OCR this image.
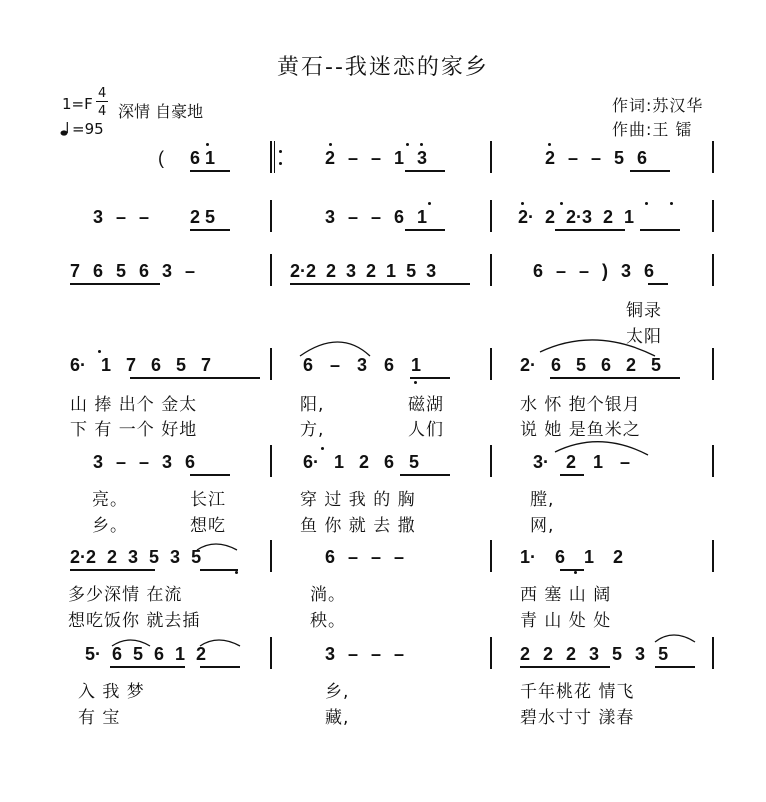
黄石--我迷恋的家乡
1=F
4
4 深情 自豪地
=95
作词:苏汉华
作曲:王 镭
( 6 1	2 – – 1 3	2 – – 5 6
3 – – 2 5	3 – – 6 1	2· 2 2·3 2 1
7 6 5 6 3 –	2·2 2 3 2 1 5 3	6 – – ) 3 6
铜录
太阳
6· 1 7 6 5 7	6 – 3 6 1	2· 6 5 6 2 5
山 捧 出个 金太	阳,	磁湖	水 怀 抱个银月
下 有 一个 好地	方,	人们	说 她 是鱼米之
3 – – 3 6	6· 1 2 6 5	3· 2 1 –
亮。	长江	穿 过 我 的 胸	膛,
乡。	想吃	鱼 你 就 去 撒	网,
2·2 2 3 5 3 5	6 – – –	1· 6 1 2
多少深情 在流	淌。	西 塞 山 阔
想吃饭你 就去插	秧。	青 山 处 处
5· 6 5 6 1 2	3 – – –	2 2 2 3 5 3 5
入 我 梦	乡,	千年桃花 情飞
有 宝	藏,	碧水寸寸 漾春
